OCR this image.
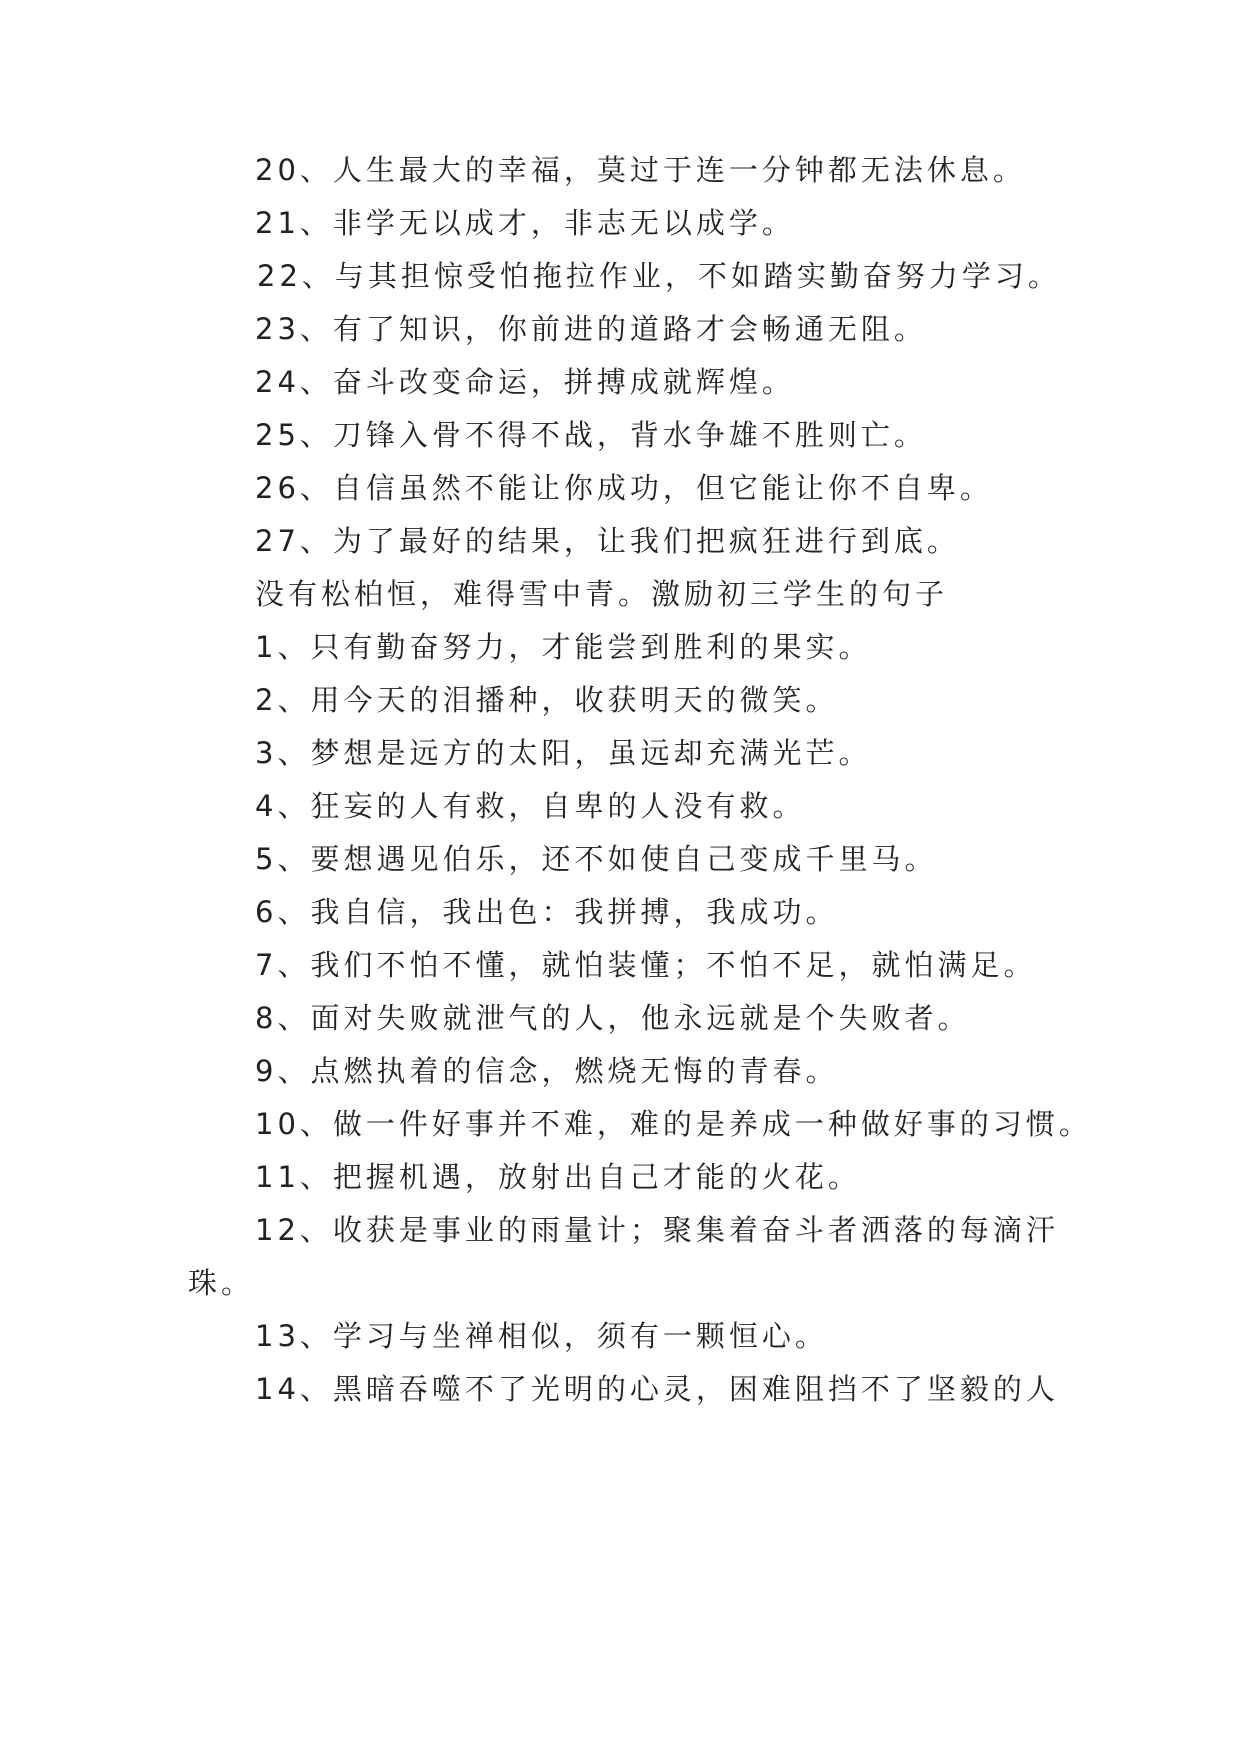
20、人生最大的幸福，莫过于连一分钟都无法休息。
21、非学无以成才，非志无以成学。
22、与其担惊受怕拖拉作业，不如踏实勤奋努力学习。
23、有了知识，你前进的道路才会畅通无阻。
24、奋斗改变命运，拼搏成就辉煌。
25、刀锋入骨不得不战，背水争雄不胜则亡。
26、自信虽然不能让你成功，但它能让你不自卑。
27、为了最好的结果，让我们把疯狂进行到底。
没有松柏恒，难得雪中青。激励初三学生的句子
1、只有勤奋努力，才能尝到胜利的果实。
2、用今天的泪播种，收获明天的微笑。
3、梦想是远方的太阳，虽远却充满光芒。
4、狂妄的人有救，自卑的人没有救。
5、要想遇见伯乐，还不如使自己变成千里马。
6、我自信，我出色：我拼搏，我成功。
7、我们不怕不懂，就怕装懂；不怕不足，就怕满足。
8、面对失败就泄气的人，他永远就是个失败者。
9、点燃执着的信念，燃烧无悔的青春。
10、做一件好事并不难，难的是养成一种做好事的习惯。
11、把握机遇，放射出自己才能的火花。
12、收获是事业的雨量计；聚集着奋斗者洒落的每滴汗
珠。
13、学习与坐禅相似，须有一颗恒心。
14、黑暗吞噬不了光明的心灵，困难阻挡不了坚毅的人
